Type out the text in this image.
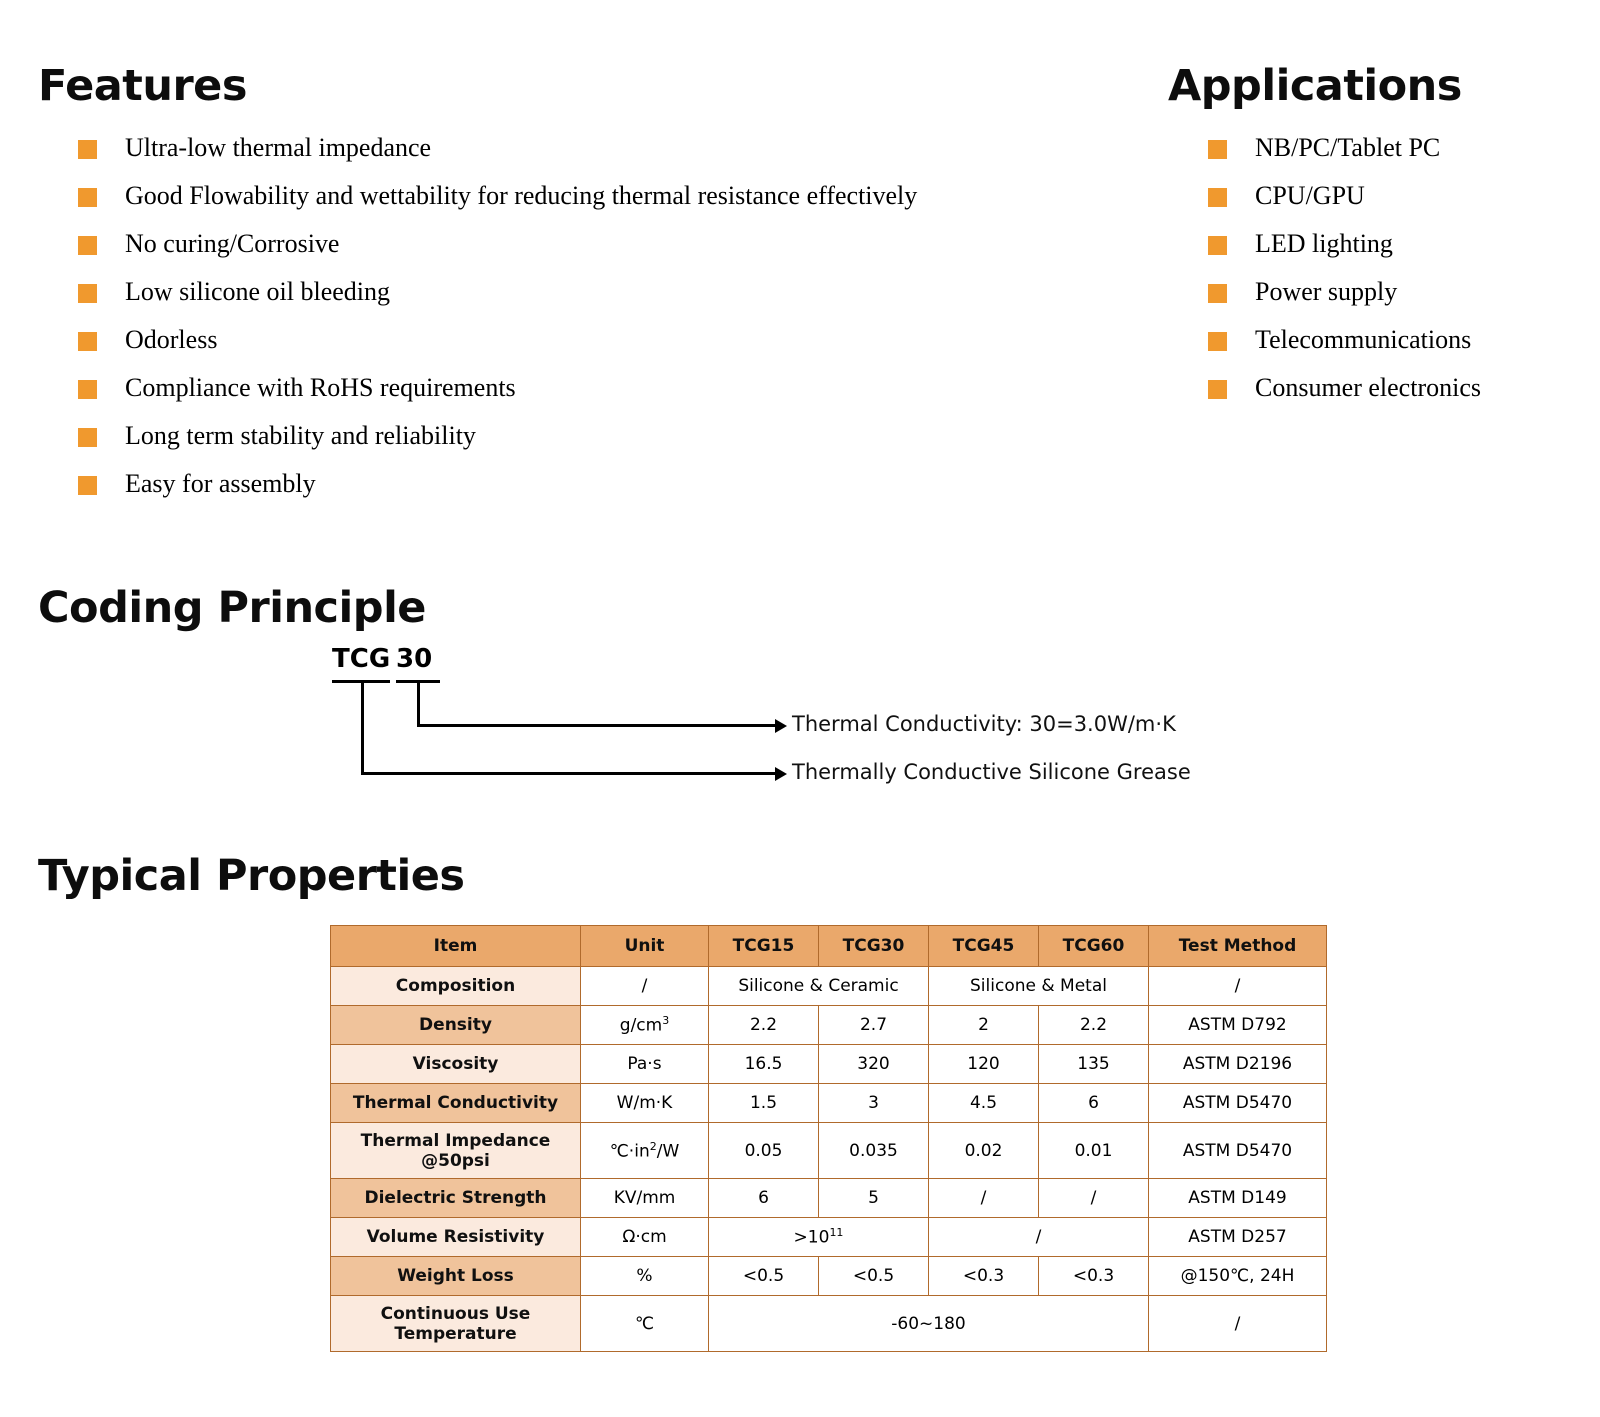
Features
Ultra-low thermal impedance
Good Flowability and wettability for reducing thermal resistance effectively
No curing/Corrosive
Low silicone oil bleeding
Odorless
Compliance with RoHS requirements
Long term stability and reliability
Easy for assembly
Applications
NB/PC/Tablet PC
CPU/GPU
LED lighting
Power supply
Telecommunications
Consumer electronics
Coding Principle
TCG 30
Thermal Conductivity: 30=3.0W/m·K
Thermally Conductive Silicone Grease
Typical Properties
Item	Unit	TCG15	TCG30	TCG45	TCG60	Test Method
Composition	/	Silicone & Ceramic		Silicone & Metal		/
Density	$g/cm^3$	2.2	2.7	2	2.2	ASTM D792
Viscosity	Pa·s	16.5	320	120	135	ASTM D2196
Thermal Conductivity	W/m·K	1.5	3	4.5	6	ASTM D5470
Thermal Impedance
@50psi	$℃\cdot in^2/W$	0.05	0.035	0.02	0.01	ASTM D5470
Dielectric Strength	KV/mm	6	5	/	/	ASTM D149
Volume Resistivity	Ω·cm	$>10^{11}$		/		ASTM D257
Weight Loss	%	<0.5	<0.5	<0.3	<0.3	@150℃, 24H
Continuous Use
Temperature	℃	-60~180				/
